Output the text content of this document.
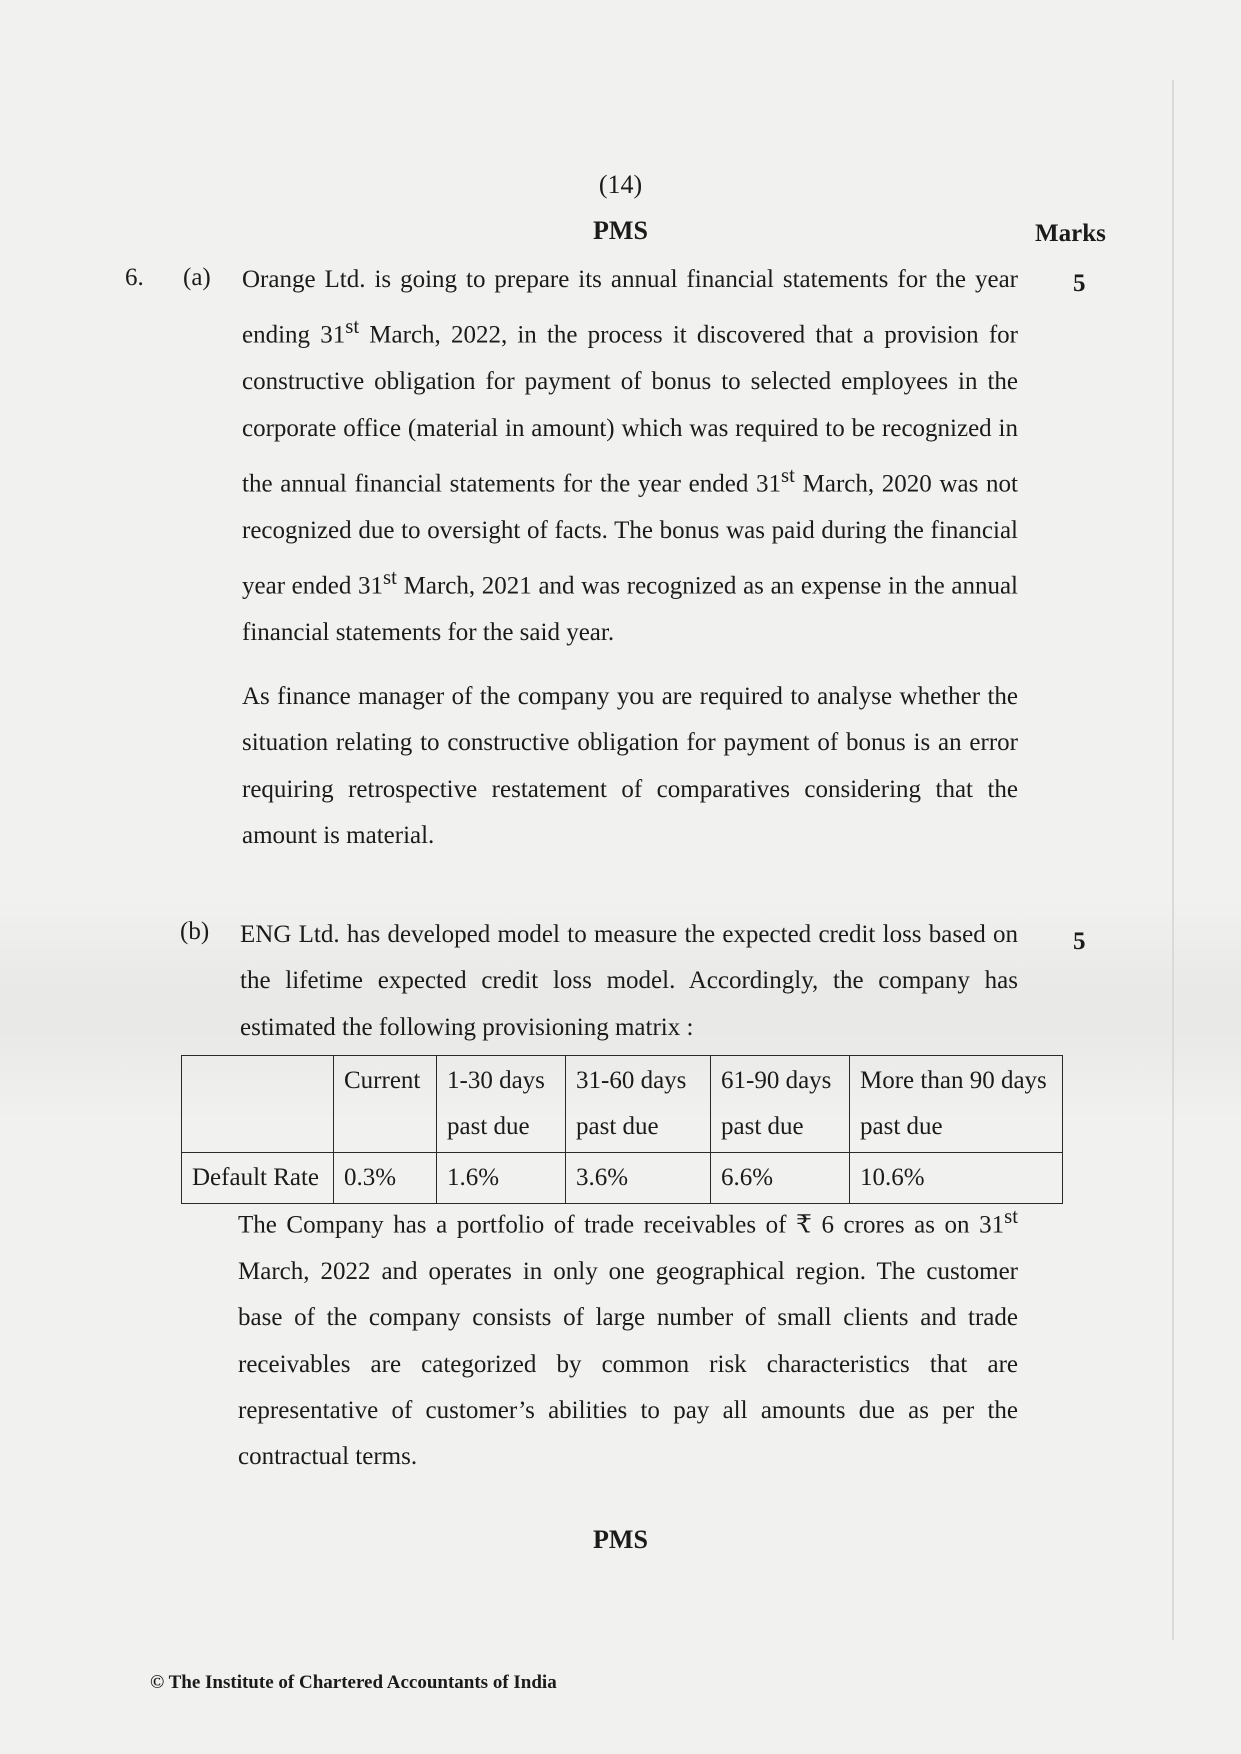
(14)
PMS	Marks
6. (a)	5

Orange Ltd. is going to prepare its annual financial statements for the year ending 31st March, 2022, in the process it discovered that a provision for constructive obligation for payment of bonus to selected employees in the corporate office (material in amount) which was required to be recognized in the annual financial statements for the year ended 31st March, 2020 was not recognized due to oversight of facts. The bonus was paid during the financial year ended 31st March, 2021 and was recognized as an expense in the annual financial statements for the said year.

As finance manager of the company you are required to analyse whether the situation relating to constructive obligation for payment of bonus is an error requiring retrospective restatement of comparatives considering that the amount is material.

(b)	5

ENG Ltd. has developed model to measure the expected credit loss based on the lifetime expected credit loss model. Accordingly, the company has estimated the following provisioning matrix :

	Current	1-30 days past due	31-60 days past due	61-90 days past due	More than 90 days past due
Default Rate	0.3%	1.6%	3.6%	6.6%	10.6%

The Company has a portfolio of trade receivables of ₹ 6 crores as on 31st March, 2022 and operates in only one geographical region. The customer base of the company consists of large number of small clients and trade receivables are categorized by common risk characteristics that are representative of customer’s abilities to pay all amounts due as per the contractual terms.

PMS
© The Institute of Chartered Accountants of India
